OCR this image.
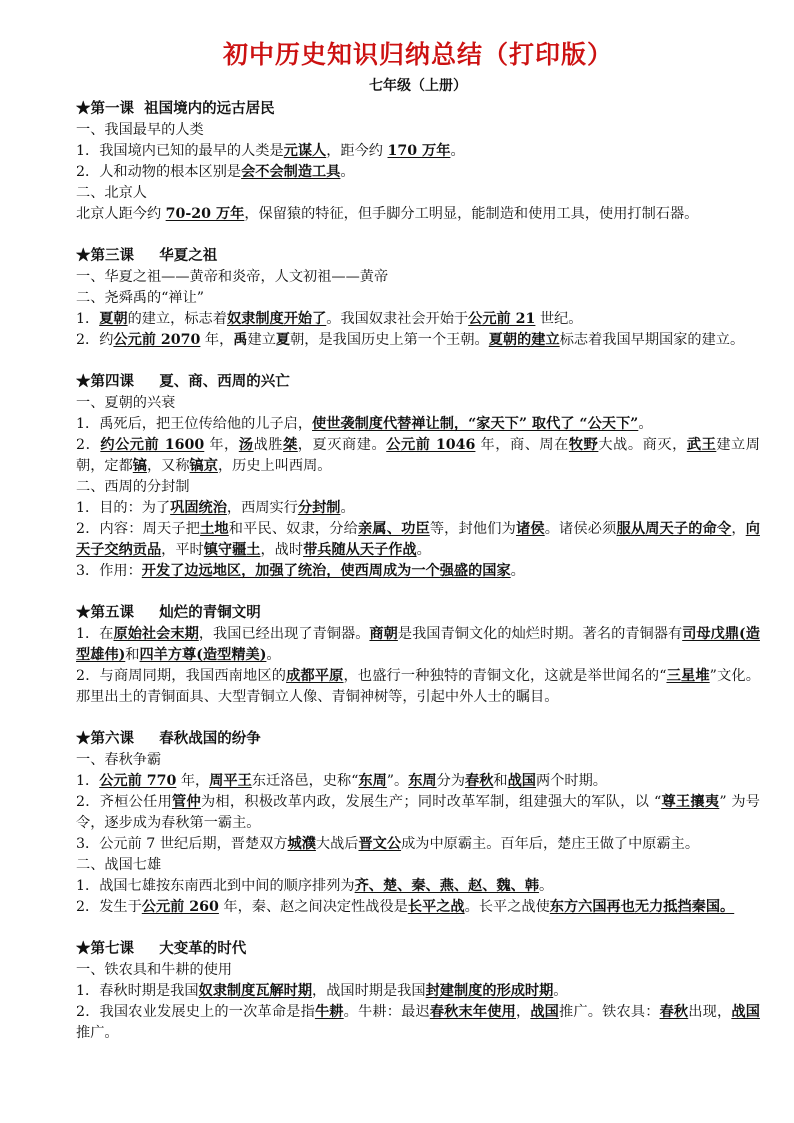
初中历史知识归纳总结（打印版）
七年级（上册）
★第一课  祖国境内的远古居民
一、我国最早的人类
1．我国境内已知的最早的人类是元谋人，距今约 170 万年。
2．人和动物的根本区别是会不会制造工具。
二、北京人
北京人距今约 70-20 万年，保留猿的特征，但手脚分工明显，能制造和使用工具，使用打制石器。
★第三课     华夏之祖
一、华夏之祖——黄帝和炎帝，人文初祖——黄帝
二、尧舜禹的“禅让”
1．夏朝的建立，标志着奴隶制度开始了。我国奴隶社会开始于公元前 21 世纪。
2．约公元前 2070 年，禹建立夏朝，是我国历史上第一个王朝。夏朝的建立标志着我国早期国家的建立。
★第四课     夏、商、西周的兴亡
一、夏朝的兴衰
1．禹死后，把王位传给他的儿子启，使世袭制度代替禅让制，“家天下” 取代了 “公天下”。
2．约公元前 1600 年，汤战胜桀，夏灭商建。公元前 1046 年，商、周在牧野大战。商灭，武王建立周朝，定都镐，又称镐京，历史上叫西周。
二、西周的分封制
1．目的：为了巩固统治，西周实行分封制。
2．内容：周天子把土地和平民、奴隶，分给亲属、功臣等，封他们为诸侯。诸侯必须服从周天子的命令，向天子交纳贡品，平时镇守疆土，战时带兵随从天子作战。
3．作用：开发了边远地区，加强了统治，使西周成为一个强盛的国家。
★第五课     灿烂的青铜文明
1．在原始社会末期，我国已经出现了青铜器。商朝是我国青铜文化的灿烂时期。著名的青铜器有司母戊鼎(造型雄伟)和四羊方尊(造型精美)。
2．与商周同期，我国西南地区的成都平原，也盛行一种独特的青铜文化，这就是举世闻名的“三星堆”文化。那里出土的青铜面具、大型青铜立人像、青铜神树等，引起中外人士的瞩目。
★第六课     春秋战国的纷争
一、春秋争霸
1．公元前 770 年，周平王东迁洛邑，史称“东周”。东周分为春秋和战国两个时期。
2．齐桓公任用管仲为相，积极改革内政，发展生产；同时改革军制，组建强大的军队，以 “尊王攘夷” 为号令，逐步成为春秋第一霸主。
3．公元前 7 世纪后期，晋楚双方城濮大战后晋文公成为中原霸主。百年后，楚庄王做了中原霸主。
二、战国七雄
1．战国七雄按东南西北到中间的顺序排列为齐、楚、秦、燕、赵、魏、韩。
2．发生于公元前 260 年，秦、赵之间决定性战役是长平之战。长平之战使东方六国再也无力抵挡秦国。
★第七课     大变革的时代
一、铁农具和牛耕的使用
1．春秋时期是我国奴隶制度瓦解时期，战国时期是我国封建制度的形成时期。
2．我国农业发展史上的一次革命是指牛耕。牛耕：最迟春秋末年使用，战国推广。铁农具：春秋出现，战国推广。
